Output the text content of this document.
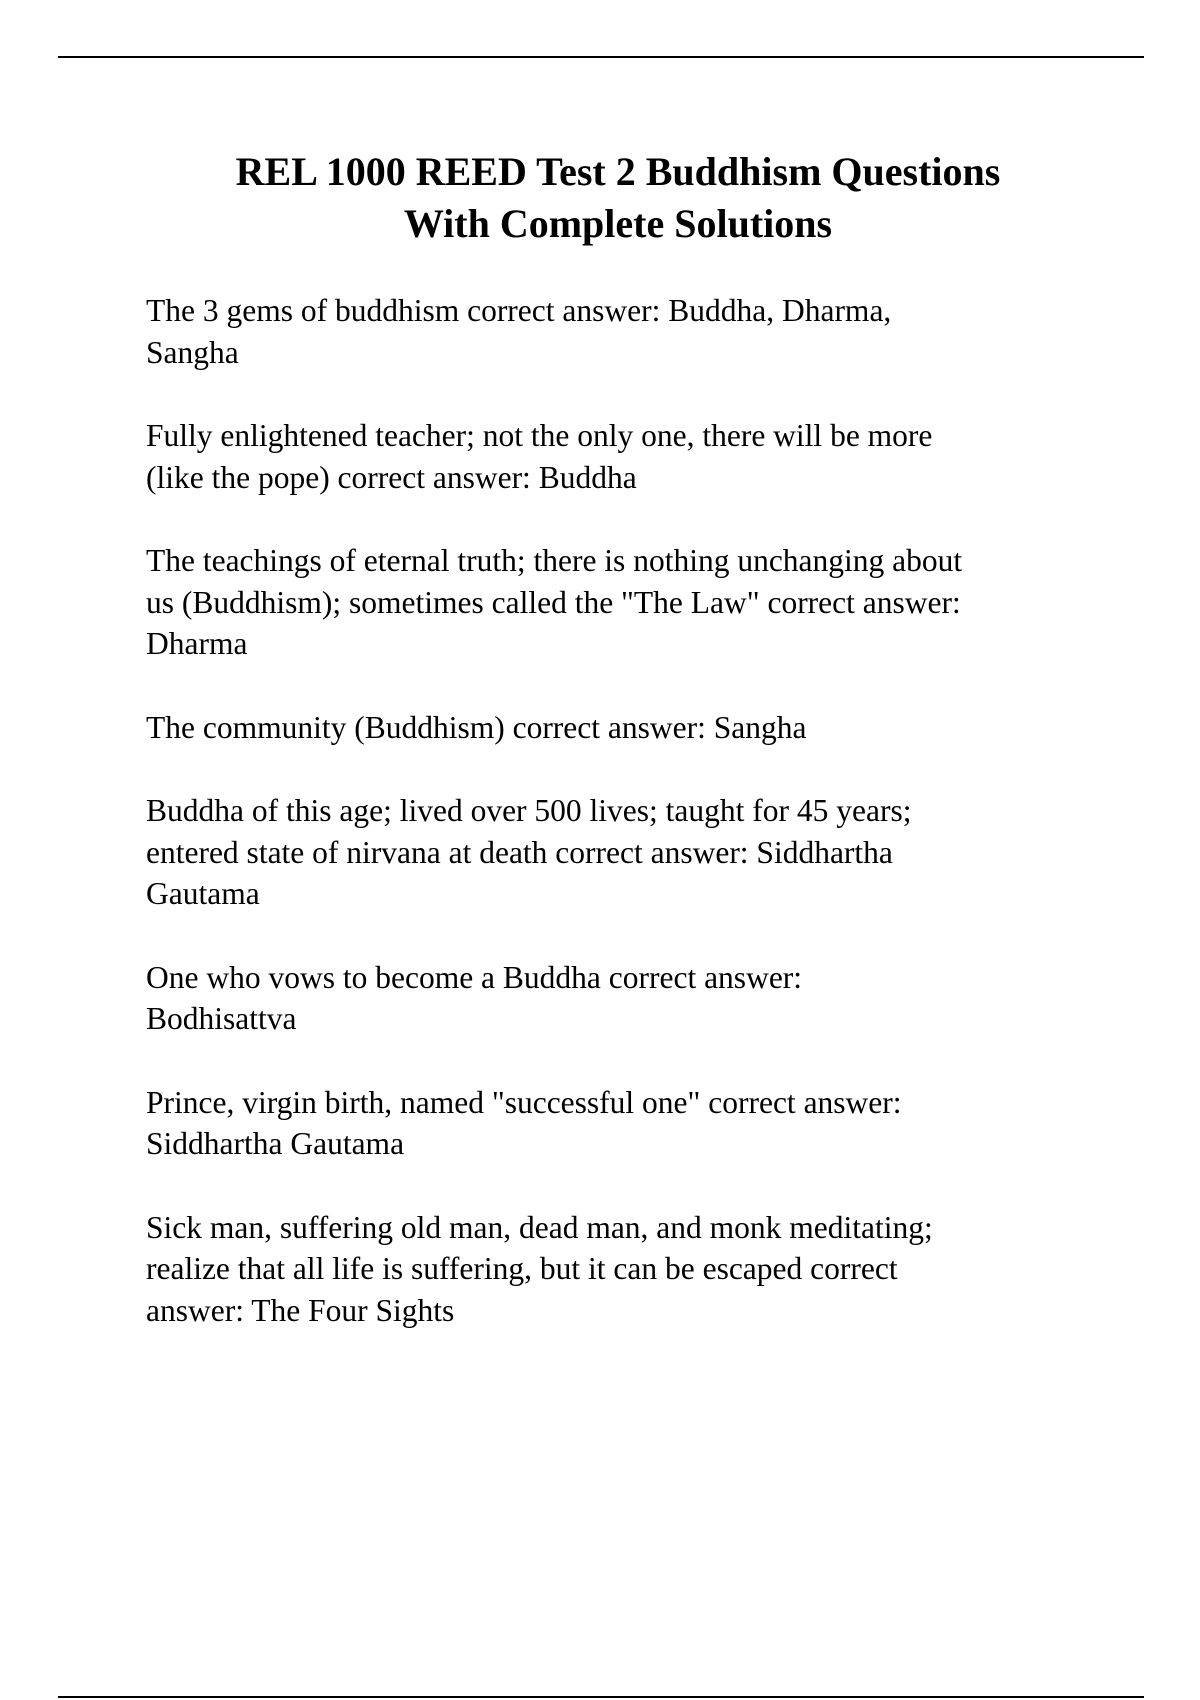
REL 1000 REED Test 2 Buddhism Questions
With Complete Solutions

The 3 gems of buddhism correct answer: Buddha, Dharma,
Sangha

Fully enlightened teacher; not the only one, there will be more
(like the pope) correct answer: Buddha

The teachings of eternal truth; there is nothing unchanging about
us (Buddhism); sometimes called the "The Law" correct answer:
Dharma

The community (Buddhism) correct answer: Sangha

Buddha of this age; lived over 500 lives; taught for 45 years;
entered state of nirvana at death correct answer: Siddhartha
Gautama

One who vows to become a Buddha correct answer:
Bodhisattva

Prince, virgin birth, named "successful one" correct answer:
Siddhartha Gautama

Sick man, suffering old man, dead man, and monk meditating;
realize that all life is suffering, but it can be escaped correct
answer: The Four Sights
